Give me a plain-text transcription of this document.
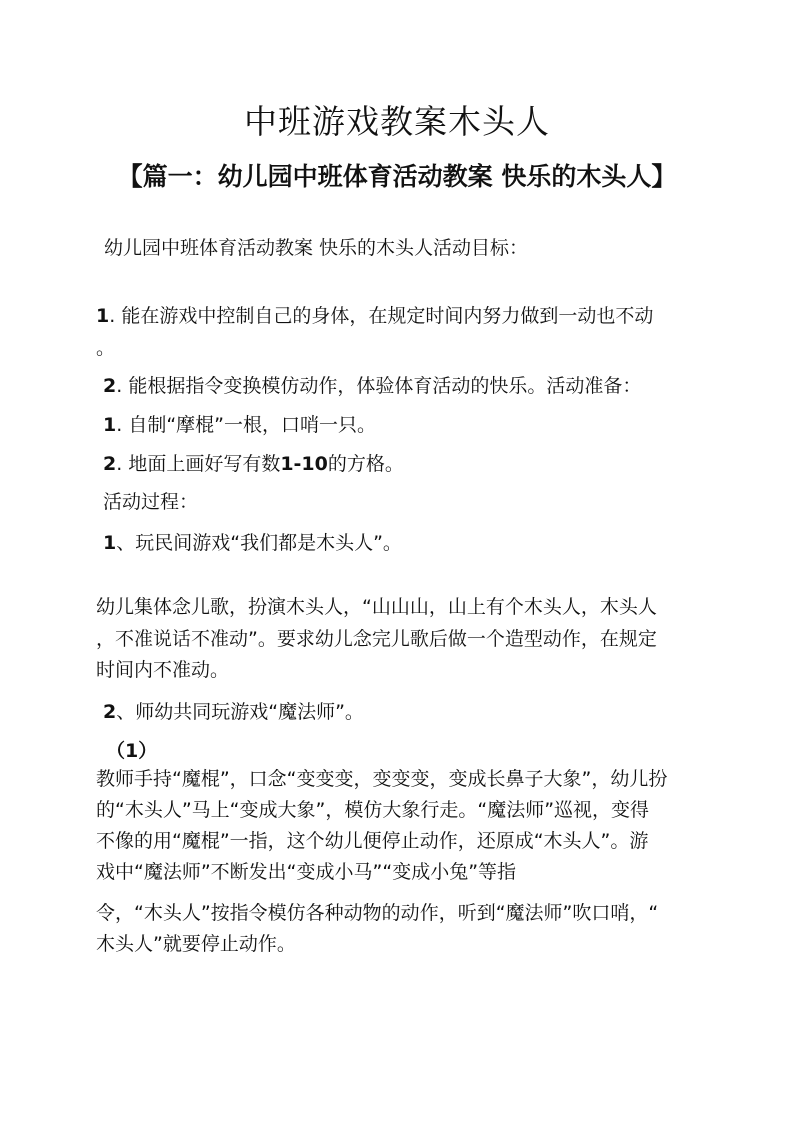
中班游戏教案木头人
【篇一：幼儿园中班体育活动教案 快乐的木头人】

幼儿园中班体育活动教案 快乐的木头人活动目标：

1. 能在游戏中控制自己的身体，在规定时间内努力做到一动也不动

。

2. 能根据指令变换模仿动作，体验体育活动的快乐。活动准备：

1. 自制“摩棍”一根，口哨一只。

2. 地面上画好写有数1-10的方格。

活动过程：

1、玩民间游戏“我们都是木头人”。

幼儿集体念儿歌，扮演木头人，“山山山，山上有个木头人，木头人

，不准说话不准动”。要求幼儿念完儿歌后做一个造型动作，在规定

时间内不准动。

2、师幼共同玩游戏“魔法师”。

（1）

教师手持“魔棍”，口念“变变变，变变变，变成长鼻子大象”，幼儿扮

的“木头人”马上“变成大象”，模仿大象行走。“魔法师”巡视，变得

不像的用“魔棍”一指，这个幼儿便停止动作，还原成“木头人”。游

戏中“魔法师”不断发出“变成小马”“变成小兔”等指

令，“木头人”按指令模仿各种动物的动作，听到“魔法师”吹口哨，“

木头人”就要停止动作。
